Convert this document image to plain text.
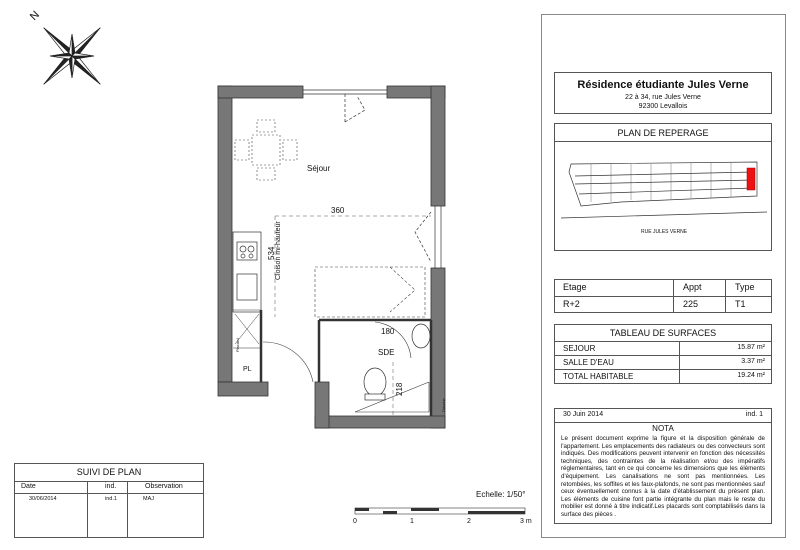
N
Séjour
SDE
PL
Cloison mi-hauteur
360
534
180
218
Placard
Douche
Echelle: 1/50°
0	1	2	3 m
SUIVI DE PLAN
Date	ind.	Observation
30/06/2014	ind.1	MAJ
Résidence étudiante Jules Verne
22 à 34, rue Jules Verne
92300 Levallois
PLAN DE REPERAGE
RUE JULES VERNE
Etage	Appt	Type
R+2	225	T1
TABLEAU DE SURFACES
SEJOUR	15.87 m²
SALLE D'EAU	3.37 m²
TOTAL HABITABLE	19.24 m²
30 Juin 2014	ind. 1
NOTA
Le présent document exprime la figure et la disposition générale de l'appartement. Les emplacements des radiateurs ou des convecteurs sont indiqués. Des modifications peuvent intervenir en fonction des nécessités techniques, des contraintes de la réalisation et/ou des impératifs réglementaires, tant en ce qui concerne les dimensions que les éléments d'équipement. Les canalisations ne sont pas mentionnées. Les retombées, les soffites et les faux-plafonds, ne sont pas mentionnées sauf ceux éventuellement connus à la date d'établissement du présent plan. Les éléments de cuisine font partie intégrante du plan mais le reste du mobilier est donné à titre indicatif.Les placards sont comptabilisés dans la surface des pièces .
